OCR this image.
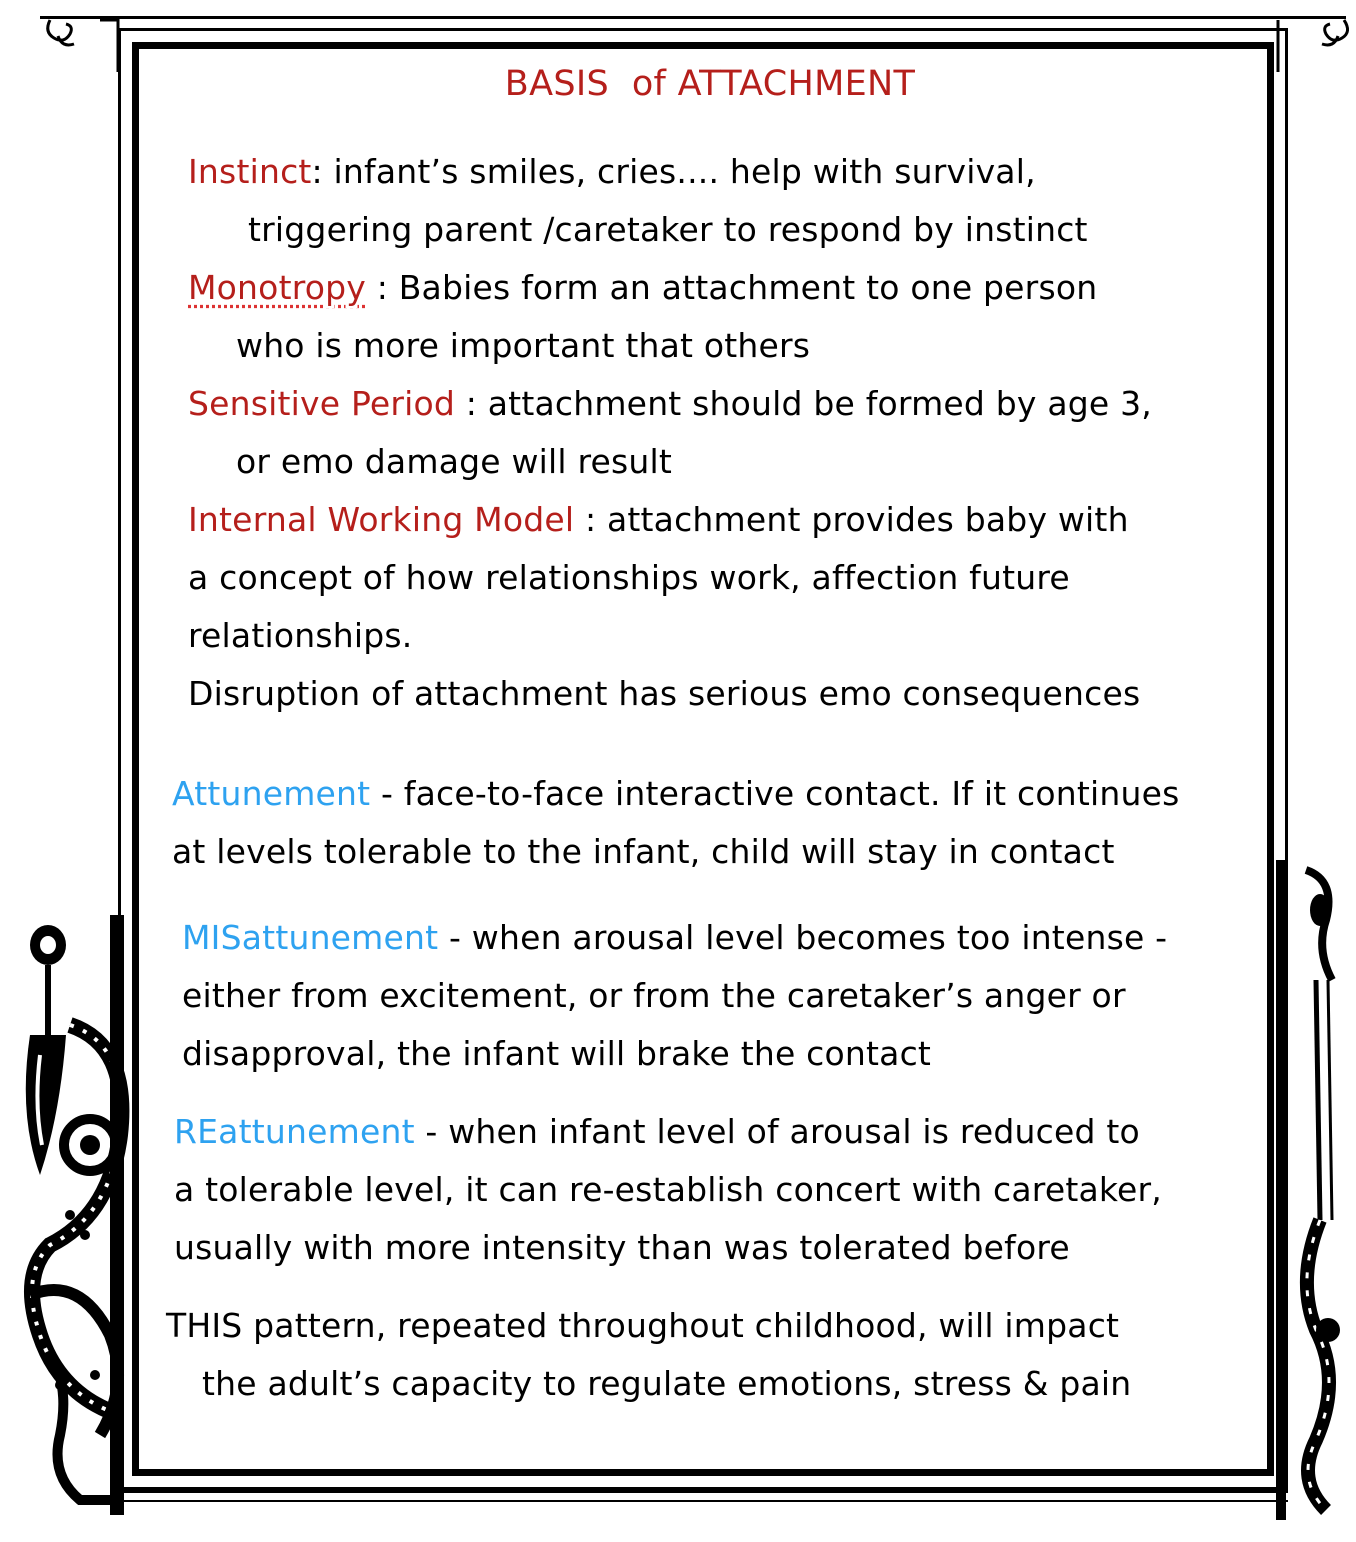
BASIS  of ATTACHMENT
Instinct: infant’s smiles, cries.... help with survival,
triggering parent /caretaker to respond by instinct
Monotropy : Babies form an attachment to one person
who is more important that others
Sensitive Period : attachment should be formed by age 3,
or emo damage will result
Internal Working Model : attachment provides baby with
a concept of how relationships work, affection future
relationships.
Disruption of attachment has serious emo consequences
Attunement - face-to-face interactive contact. If it continues
at levels tolerable to the infant, child will stay in contact
MISattunement - when arousal level becomes too intense -
either from excitement, or from the caretaker’s anger or
disapproval, the infant will brake the contact
REattunement - when infant level of arousal is reduced to
a tolerable level, it can re-establish concert with caretaker,
usually with more intensity than was tolerated before
THIS pattern, repeated throughout childhood, will impact
the adult’s capacity to regulate emotions, stress & pain
